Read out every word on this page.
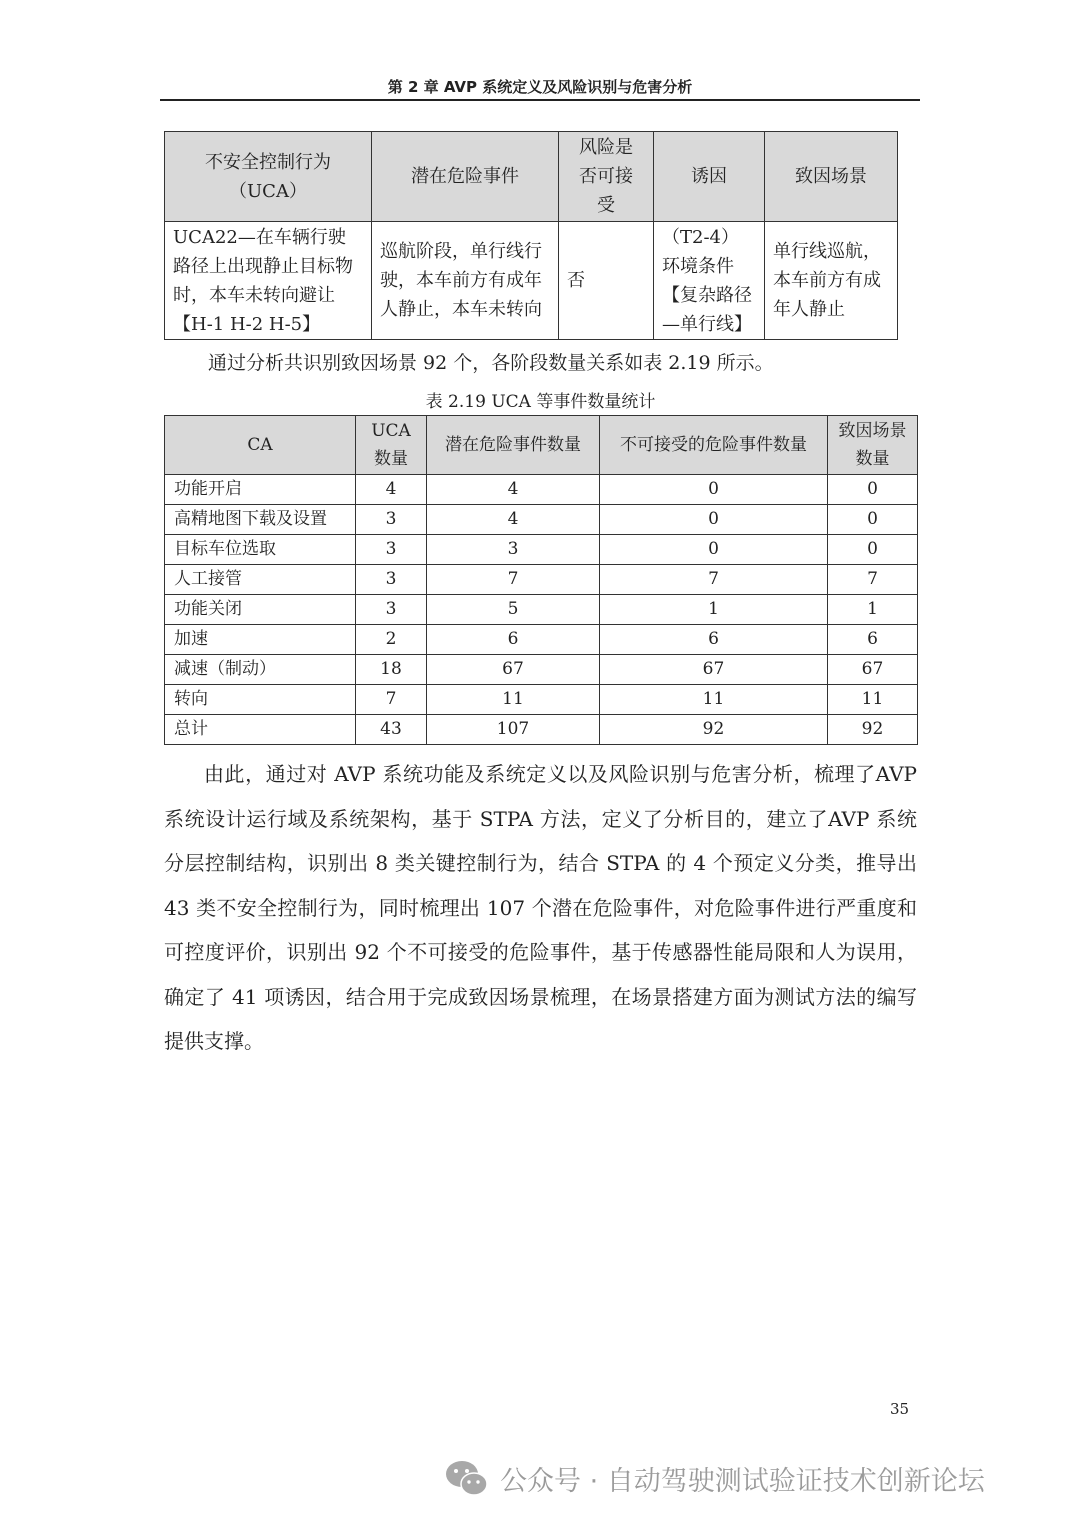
第 2 章 AVP 系统定义及风险识别与危害分析
不安全控制行为（UCA）	潜在危险事件	风险是否可接受	诱因	致因场景
UCA22—在车辆行驶路径上出现静止目标物时，本车未转向避让【H-1 H-2 H-5】	巡航阶段，单行线行驶，本车前方有成年人静止，本车未转向	否	（T2-4）环境条件【复杂路径—单行线】	单行线巡航，本车前方有成年人静止
通过分析共识别致因场景 92 个，各阶段数量关系如表 2.19 所示。
表 2.19 UCA 等事件数量统计
CA	UCA数量	潜在危险事件数量	不可接受的危险事件数量	致因场景数量
功能开启	4	4	0	0
高精地图下载及设置	3	4	0	0
目标车位选取	3	3	0	0
人工接管	3	7	7	7
功能关闭	3	5	1	1
加速	2	6	6	6
减速（制动）	18	67	67	67
转向	7	11	11	11
总计	43	107	92	92

由此，通过对 AVP 系统功能及系统定义以及风险识别与危害分析，梳理了AVP 系统设计运行域及系统架构，基于 STPA 方法，定义了分析目的，建立了AVP 系统分层控制结构，识别出 8 类关键控制行为，结合 STPA 的 4 个预定义分类，推导出 43 类不安全控制行为，同时梳理出 107 个潜在危险事件，对危险事件进行严重度和可控度评价，识别出 92 个不可接受的危险事件，基于传感器性能局限和人为误用，确定了 41 项诱因，结合用于完成致因场景梳理，在场景搭建方面为测试方法的编写提供支撑。

35
公众号 · 自动驾驶测试验证技术创新论坛
